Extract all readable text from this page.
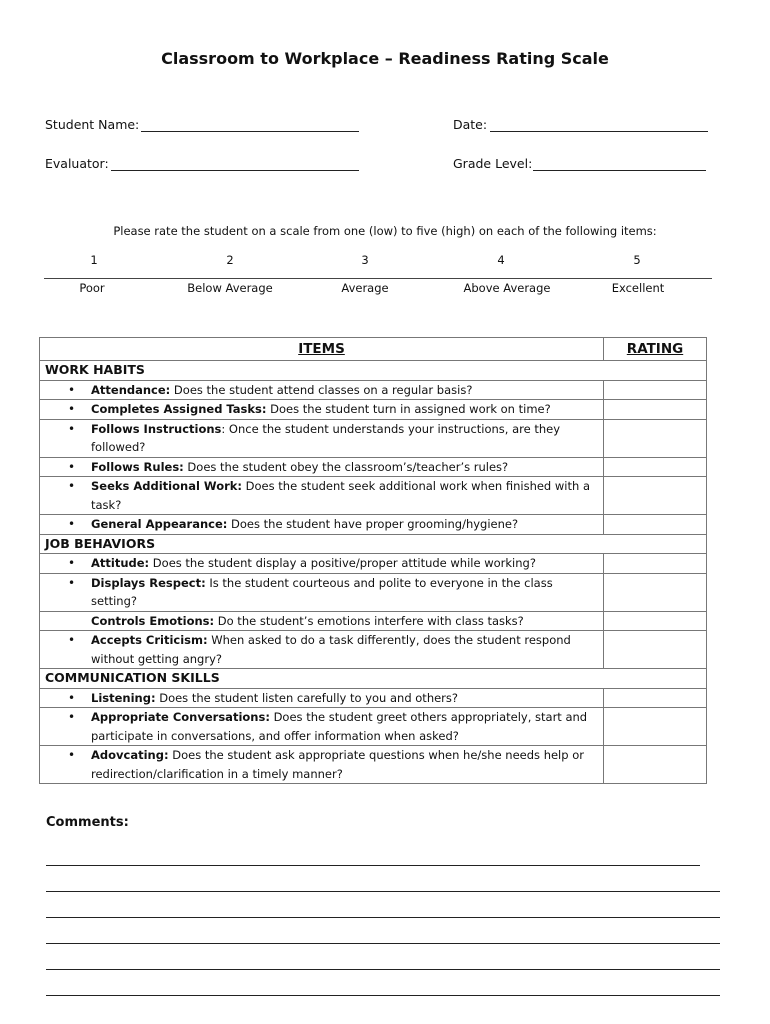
Classroom to Workplace – Readiness Rating Scale
Student Name:	Date:
Evaluator:	Grade Level:
Please rate the student on a scale from one (low) to five (high) on each of the following items:
1	2	3	4	5
Poor	Below Average	Average	Above Average	Excellent
ITEMS	RATING
WORK HABITS	

• Attendance: Does the student attend classes on a regular basis?	

• Completes Assigned Tasks: Does the student turn in assigned work on time?	

• Follows Instructions: Once the student understands your instructions, are they followed?	

• Follows Rules: Does the student obey the classroom’s/teacher’s rules?	

• Seeks Additional Work: Does the student seek additional work when finished with a task?	

• General Appearance: Does the student have proper grooming/hygiene?	

JOB BEHAVIORS	

• Attitude: Does the student display a positive/proper attitude while working?	

• Displays Respect: Is the student courteous and polite to everyone in the class setting?	

Controls Emotions: Do the student’s emotions interfere with class tasks?	

• Accepts Criticism: When asked to do a task differently, does the student respond without getting angry?	

COMMUNICATION SKILLS	

• Listening: Does the student listen carefully to you and others?	

• Appropriate Conversations: Does the student greet others appropriately, start and participate in conversations, and offer information when asked?	

• Adovcating: Does the student ask appropriate questions when he/she needs help or redirection/clarification in a timely manner?	

Comments:
